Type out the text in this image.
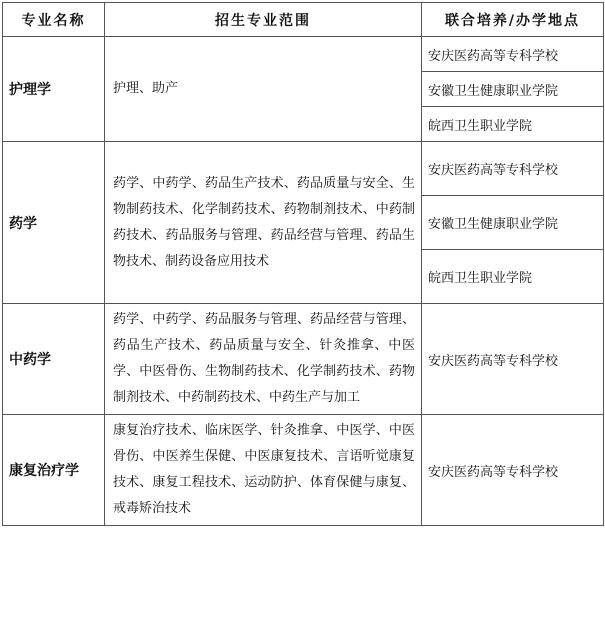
专业名称	招生专业范围	联合培养/办学地点
护理学	护理、助产	安庆医药高等专科学校
		安徽卫生健康职业学院
		皖西卫生职业学院
药学	药学、中药学、药品生产技术、药品质量与安全、生物制药技术、化学制药技术、药物制剂技术、中药制药技术、药品服务与管理、药品经营与管理、药品生物技术、制药设备应用技术	安庆医药高等专科学校
		安徽卫生健康职业学院
		皖西卫生职业学院
中药学	药学、中药学、药品服务与管理、药品经营与管理、药品生产技术、药品质量与安全、针灸推拿、中医学、中医骨伤、生物制药技术、化学制药技术、药物制剂技术、中药制药技术、中药生产与加工	安庆医药高等专科学校
康复治疗学	康复治疗技术、临床医学、针灸推拿、中医学、中医骨伤、中医养生保健、中医康复技术、言语听觉康复技术、康复工程技术、运动防护、体育保健与康复、戒毒矫治技术	安庆医药高等专科学校
